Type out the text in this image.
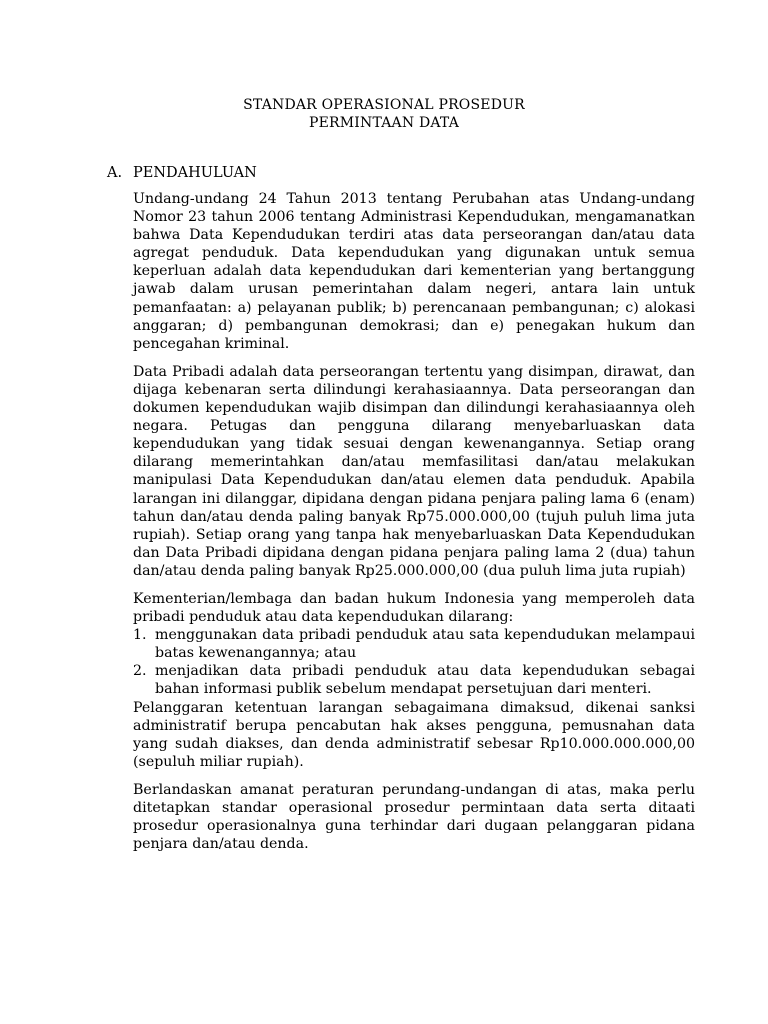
STANDAR OPERASIONAL PROSEDUR
PERMINTAAN DATA
A. PENDAHULUAN

Undang-undang 24 Tahun 2013 tentang Perubahan atas Undang-undang Nomor 23 tahun 2006 tentang Administrasi Kependudukan, mengamanatkan bahwa Data Kependudukan terdiri atas data perseorangan dan/atau data agregat penduduk. Data kependudukan yang digunakan untuk semua keperluan adalah data kependudukan dari kementerian yang bertanggung jawab dalam urusan pemerintahan dalam negeri, antara lain untuk pemanfaatan: a) pelayanan publik; b) perencanaan pembangunan; c) alokasi anggaran; d) pembangunan demokrasi; dan e) penegakan hukum dan pencegahan kriminal.

Data Pribadi adalah data perseorangan tertentu yang disimpan, dirawat, dan dijaga kebenaran serta dilindungi kerahasiaannya. Data perseorangan dan dokumen kependudukan wajib disimpan dan dilindungi kerahasiaannya oleh negara. Petugas dan pengguna dilarang menyebarluaskan data kependudukan yang tidak sesuai dengan kewenangannya. Setiap orang dilarang memerintahkan dan/atau memfasilitasi dan/atau melakukan manipulasi Data Kependudukan dan/atau elemen data penduduk. Apabila larangan ini dilanggar, dipidana dengan pidana penjara paling lama 6 (enam) tahun dan/atau denda paling banyak Rp75.000.000,00 (tujuh puluh lima juta rupiah). Setiap orang yang tanpa hak menyebarluaskan Data Kependudukan dan Data Pribadi dipidana dengan pidana penjara paling lama 2 (dua) tahun dan/atau denda paling banyak Rp25.000.000,00 (dua puluh lima juta rupiah)

Kementerian/lembaga dan badan hukum Indonesia yang memperoleh data pribadi penduduk atau data kependudukan dilarang:

1. menggunakan data pribadi penduduk atau sata kependudukan melampaui batas kewenangannya; atau
2. menjadikan data pribadi penduduk atau data kependudukan sebagai bahan informasi publik sebelum mendapat persetujuan dari menteri.

Pelanggaran ketentuan larangan sebagaimana dimaksud, dikenai sanksi administratif berupa pencabutan hak akses pengguna, pemusnahan data yang sudah diakses, dan denda administratif sebesar Rp10.000.000.000,00 (sepuluh miliar rupiah).

Berlandaskan amanat peraturan perundang-undangan di atas, maka perlu ditetapkan standar operasional prosedur permintaan data serta ditaati prosedur operasionalnya guna terhindar dari dugaan pelanggaran pidana penjara dan/atau denda.
